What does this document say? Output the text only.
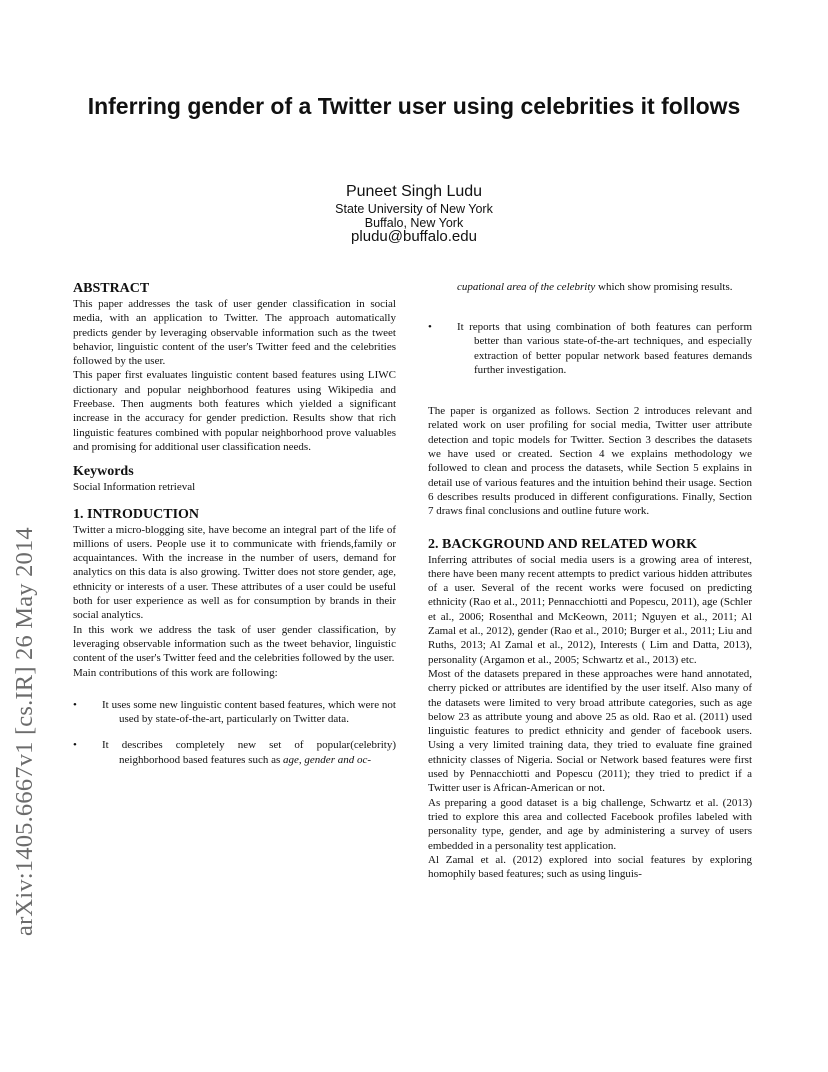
Inferring gender of a Twitter user using celebrities it follows
Puneet Singh Ludu
State University of New York
Buffalo, New York
pludu@buffalo.edu
arXiv:1405.6667v1 [cs.IR] 26 May 2014
ABSTRACT

This paper addresses the task of user gender classification in social media, with an application to Twitter. The approach automatically predicts gender by leveraging observable information such as the tweet behavior, linguistic content of the user's Twitter feed and the celebrities followed by the user.

This paper first evaluates linguistic content based features using LIWC dictionary and popular neighborhood features using Wikipedia and Freebase. Then augments both features which yielded a significant increase in the accuracy for gender prediction. Results show that rich linguistic features combined with popular neighborhood prove valuables and promising for additional user classification needs.

Keywords

Social Information retrieval

1. INTRODUCTION

Twitter a micro-blogging site, have become an integral part of the life of millions of users. People use it to communicate with friends,family or acquaintances. With the increase in the number of users, demand for analytics on this data is also growing. Twitter does not store gender, age, ethnicity or interests of a user. These attributes of a user could be useful both for user experience as well as for consumption by brands in their social analytics.

In this work we address the task of user gender classification, by leveraging observable information such as the tweet behavior, linguistic content of the user's Twitter feed and the celebrities followed by the user.

Main contributions of this work are following:

•	It uses some new linguistic content based features, which were not used by state-of-the-art, particularly on Twitter data.
•	It describes completely new set of popular(celebrity) neighborhood based features such as age, gender and oc-
cupational area of the celebrity which show promising results.
•	It reports that using combination of both features can perform better than various state-of-the-art techniques, and especially extraction of better popular network based features demands further investigation.

The paper is organized as follows. Section 2 introduces relevant and related work on user profiling for social media, Twitter user attribute detection and topic models for Twitter. Section 3 describes the datasets we have used or created. Section 4 we explains methodology we followed to clean and process the datasets, while Section 5 explains in detail use of various features and the intuition behind their usage. Section 6 describes results produced in different configurations. Finally, Section 7 draws final conclusions and outline future work.

2. BACKGROUND AND RELATED WORK

Inferring attributes of social media users is a growing area of interest, there have been many recent attempts to predict various hidden attributes of a user. Several of the recent works were focused on predicting ethnicity (Rao et al., 2011; Pennacchiotti and Popescu, 2011), age (Schler et al., 2006; Rosenthal and McKeown, 2011; Nguyen et al., 2011; Al Zamal et al., 2012), gender (Rao et al., 2010; Burger et al., 2011; Liu and Ruths, 2013; Al Zamal et al., 2012), Interests ( Lim and Datta, 2013), personality (Argamon et al., 2005; Schwartz et al., 2013) etc.

Most of the datasets prepared in these approaches were hand annotated, cherry picked or attributes are identified by the user itself. Also many of the datasets were limited to very broad attribute categories, such as age below 23 as attribute young and above 25 as old. Rao et al. (2011) used linguistic features to predict ethnicity and gender of facebook users. Using a very limited training data, they tried to evaluate fine grained ethnicity classes of Nigeria. Social or Network based features were first used by Pennacchiotti and Popescu (2011); they tried to predict if a Twitter user is African-American or not.

As preparing a good dataset is a big challenge, Schwartz et al. (2013) tried to explore this area and collected Facebook profiles labeled with personality type, gender, and age by administering a survey of users embedded in a personality test application.

Al Zamal et al. (2012) explored into social features by exploring homophily based features; such as using linguis-
